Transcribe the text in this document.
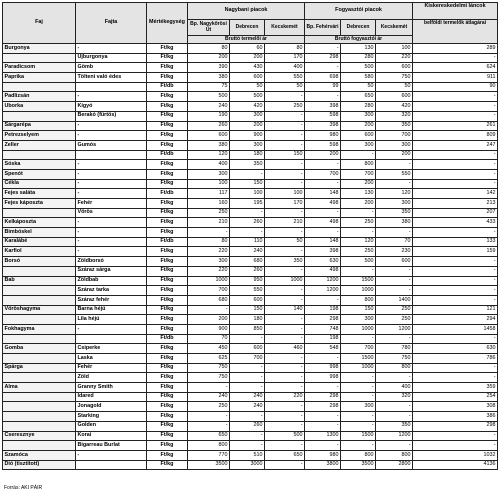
Faj	Fajta	Mértékegység	Nagybani piacok			Fogyasztói piacok			Kiskereskedelmi láncok
			Bp. Nagykőrösi Út	Debrecen	Kecskemét	Bp. Fehérvári	Debrecen	Kecskemét	belföldi termelők átlagárai
			Bruttó termelői ár			Bruttó fogyasztói ár			
Burgonya	-	Ft/kg	80	60	80	-	130	100	289
	Újburgonya	Ft/kg	200	200	170	298	280	220	-
Paradicsom	Gömb	Ft/kg	390	430	400	-	500	600	624
Paprika	Tölteni való édes	Ft/kg	380	600	550	698	580	750	911
		Ft/db	75	50	50	99	50	50	90
Padlizsán	-	Ft/kg	500	500	-	-	650	600	-
Uborka	Kígyó	Ft/kg	240	420	250	398	280	420	-
	Berakó (fürtös)	Ft/kg	190	300	-	598	300	320	-
Sárgarépa	-	Ft/kg	260	200	-	398	200	350	261
Petrezselyem	-	Ft/kg	600	900	-	980	600	700	809
Zeller	Gumós	Ft/kg	380	300	-	598	300	300	247
		Ft/db	120	180	150	200	-	200	-
Sóska	-	Ft/kg	400	350	-	-	800	-	-
Spenót	-	Ft/kg	300	-	-	700	700	550	-
Cékla	-	Ft/kg	100	150	-	-	200	-	-
Fejes saláta	-	Ft/db	117	100	100	148	130	120	142
Fejes káposzta	Fehér	Ft/kg	160	195	170	498	200	300	213
	Vörös	Ft/kg	250	-	-	-	-	350	207
Kelkáposzta	-	Ft/kg	210	260	210	498	250	380	433
Bimbóskel	-	Ft/kg	-	-	-	-	-	-	-
Karalábé	-	Ft/db	80	110	50	148	120	70	133
Karfiol	-	Ft/kg	220	240	-	398	250	230	159
Borsó	Zöldborsó	Ft/kg	300	680	350	630	500	600	-
	Száraz sárga	Ft/kg	220	260	-	498	-	-	-
Bab	Zöldbab	Ft/kg	1000	950	1000	1200	1500	-	-
	Száraz tarka	Ft/kg	700	550	-	1200	1000	-	-
	Száraz fehér	Ft/kg	680	600	-	-	800	1400	-
Vöröshagyma	Barna héjú	Ft/kg	-	150	140	198	150	250	121
	Lila héjú	Ft/kg	200	180	-	298	300	250	294
Fokhagyma	-	Ft/kg	900	850	-	748	1000	1200	1458
		Ft/db	70	-	-	198	-	-	-
Gomba	Csiperke	Ft/kg	450	600	460	548	700	780	630
	Laska	Ft/kg	625	700	-	-	1500	750	786
Spárga	Fehér	Ft/kg	750	-	-	998	1000	800	-
	Zöld	Ft/kg	750	-	-	998	-	-	-
Alma	Granny Smith	Ft/kg	-	-	-	-	-	400	359
	Idared	Ft/kg	240	240	220	298	-	320	254
	Jonagold	Ft/kg	250	240	-	298	300	-	308
	Starking	Ft/kg	-	-	-	-	-	-	386
	Golden	Ft/kg	-	260	-	-	-	350	298
Cseresznye	Korai	Ft/kg	650	-	500	1300	1500	1200	-
	Bigarreau Burlat	Ft/kg	800	-	-	-	-	-	-
Szamóca	-	Ft/kg	770	510	650	980	800	800	1032
Dió (tisztított)		Ft/kg	3500	3000	-	3800	3500	2800	4136
Forrás: AKI PÁIR
